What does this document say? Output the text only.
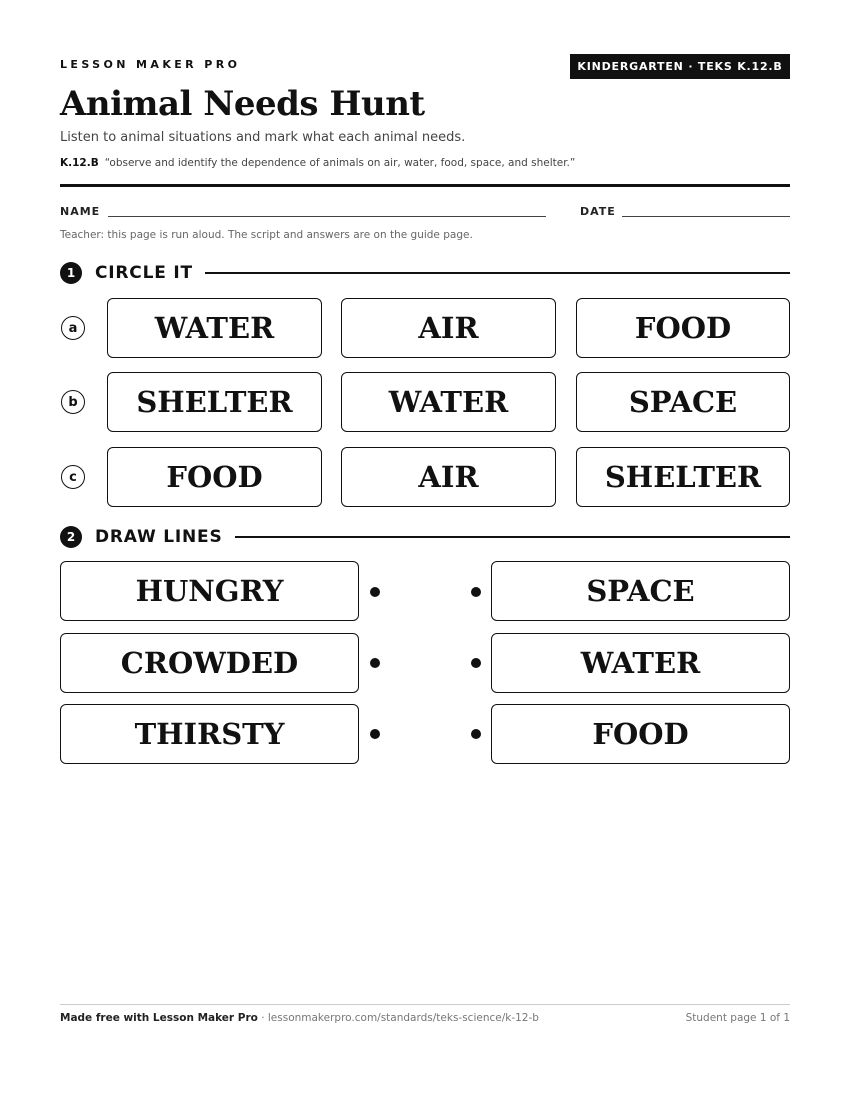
LESSON MAKER PRO	KINDERGARTEN · TEKS K.12.B
Animal Needs Hunt
Listen to animal situations and mark what each animal needs.
K.12.B “observe and identify the dependence of animals on air, water, food, space, and shelter.”
NAME	DATE
Teacher: this page is run aloud. The script and answers are on the guide page.
1	CIRCLE IT
a	WATER	AIR	FOOD
b	SHELTER	WATER	SPACE
c	FOOD	AIR	SHELTER
2	DRAW LINES
HUNGRY	SPACE
CROWDED	WATER
THIRSTY	FOOD
Made free with Lesson Maker Pro · lessonmakerpro.com/standards/teks-science/k-12-b	Student page 1 of 1
